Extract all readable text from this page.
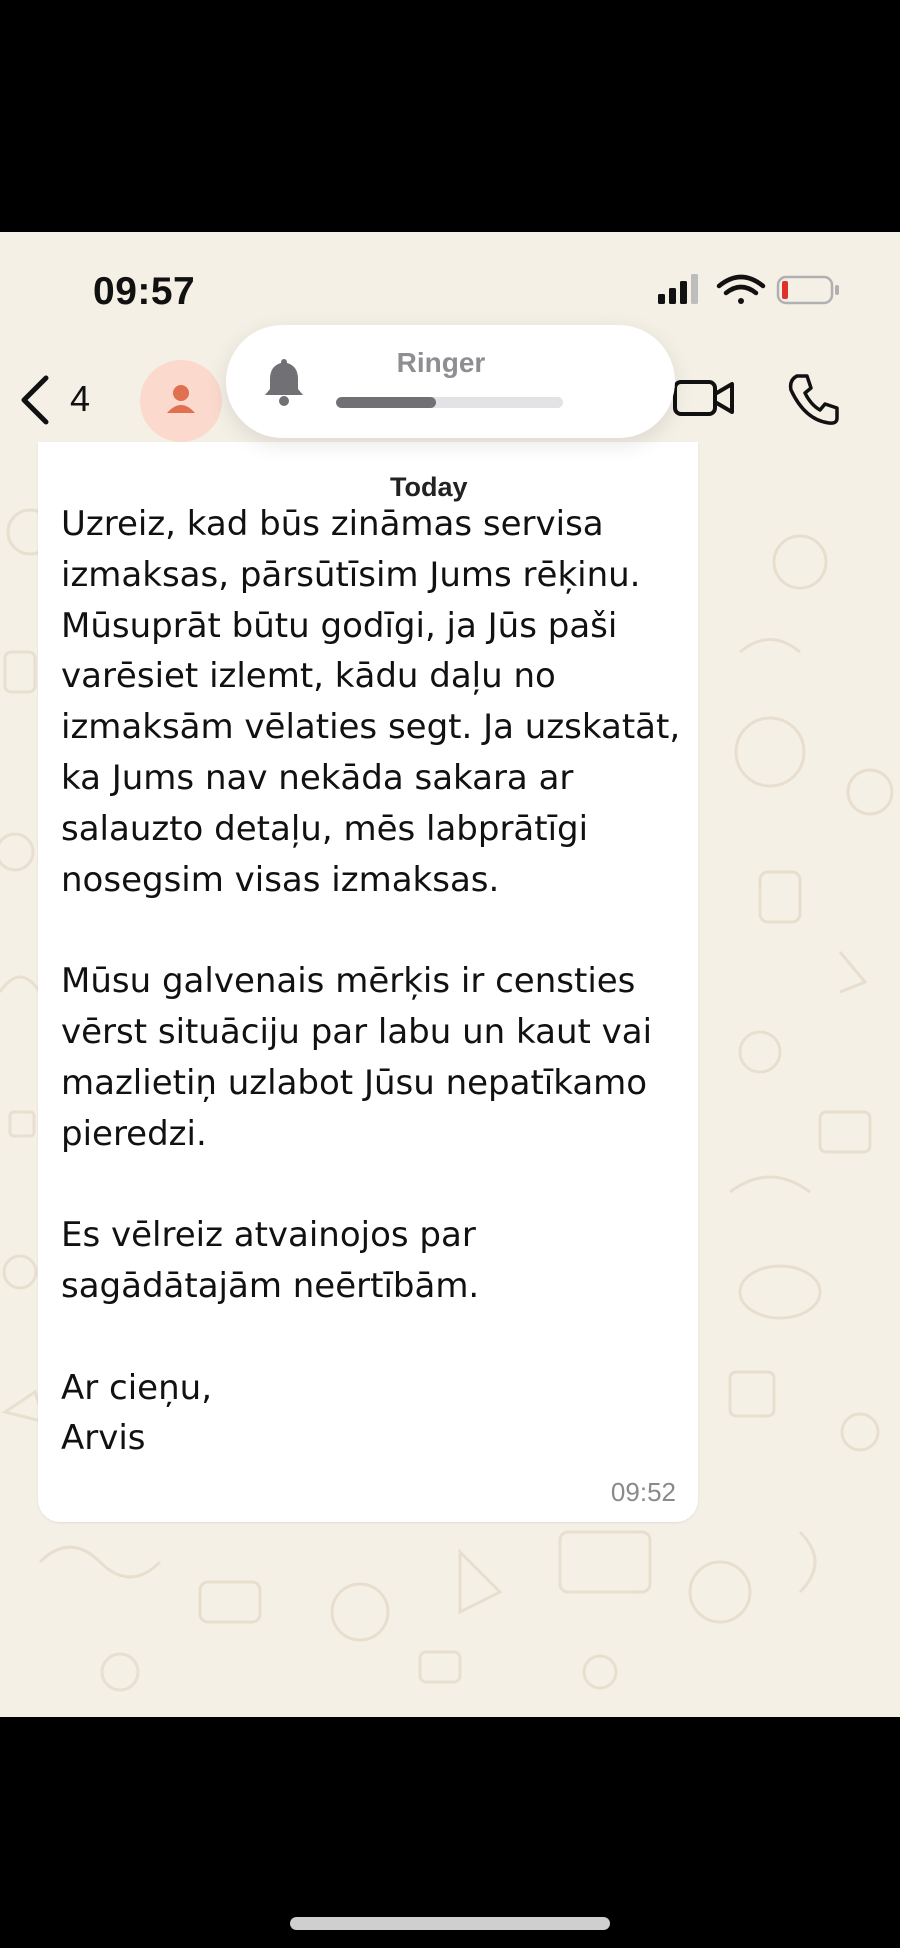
09:57
4

Uzreiz, kad būs zināmas servisa izmaksas, pārsūtīsim Jums rēķinu. Mūsuprāt būtu godīgi, ja Jūs paši varēsiet izlemt, kādu daļu no izmaksām vēlaties segt. Ja uzskatāt, ka Jums nav nekāda sakara ar salauzto detaļu, mēs labprātīgi nosegsim visas izmaksas.

Mūsu galvenais mērķis ir censties vērst situāciju par labu un kaut vai mazlietiņ uzlabot Jūsu nepatīkamo pieredzi.

Es vēlreiz atvainojos par sagādātajām neērtībām.

Ar cieņu,

Arvis

09:52
Today
Ringer
